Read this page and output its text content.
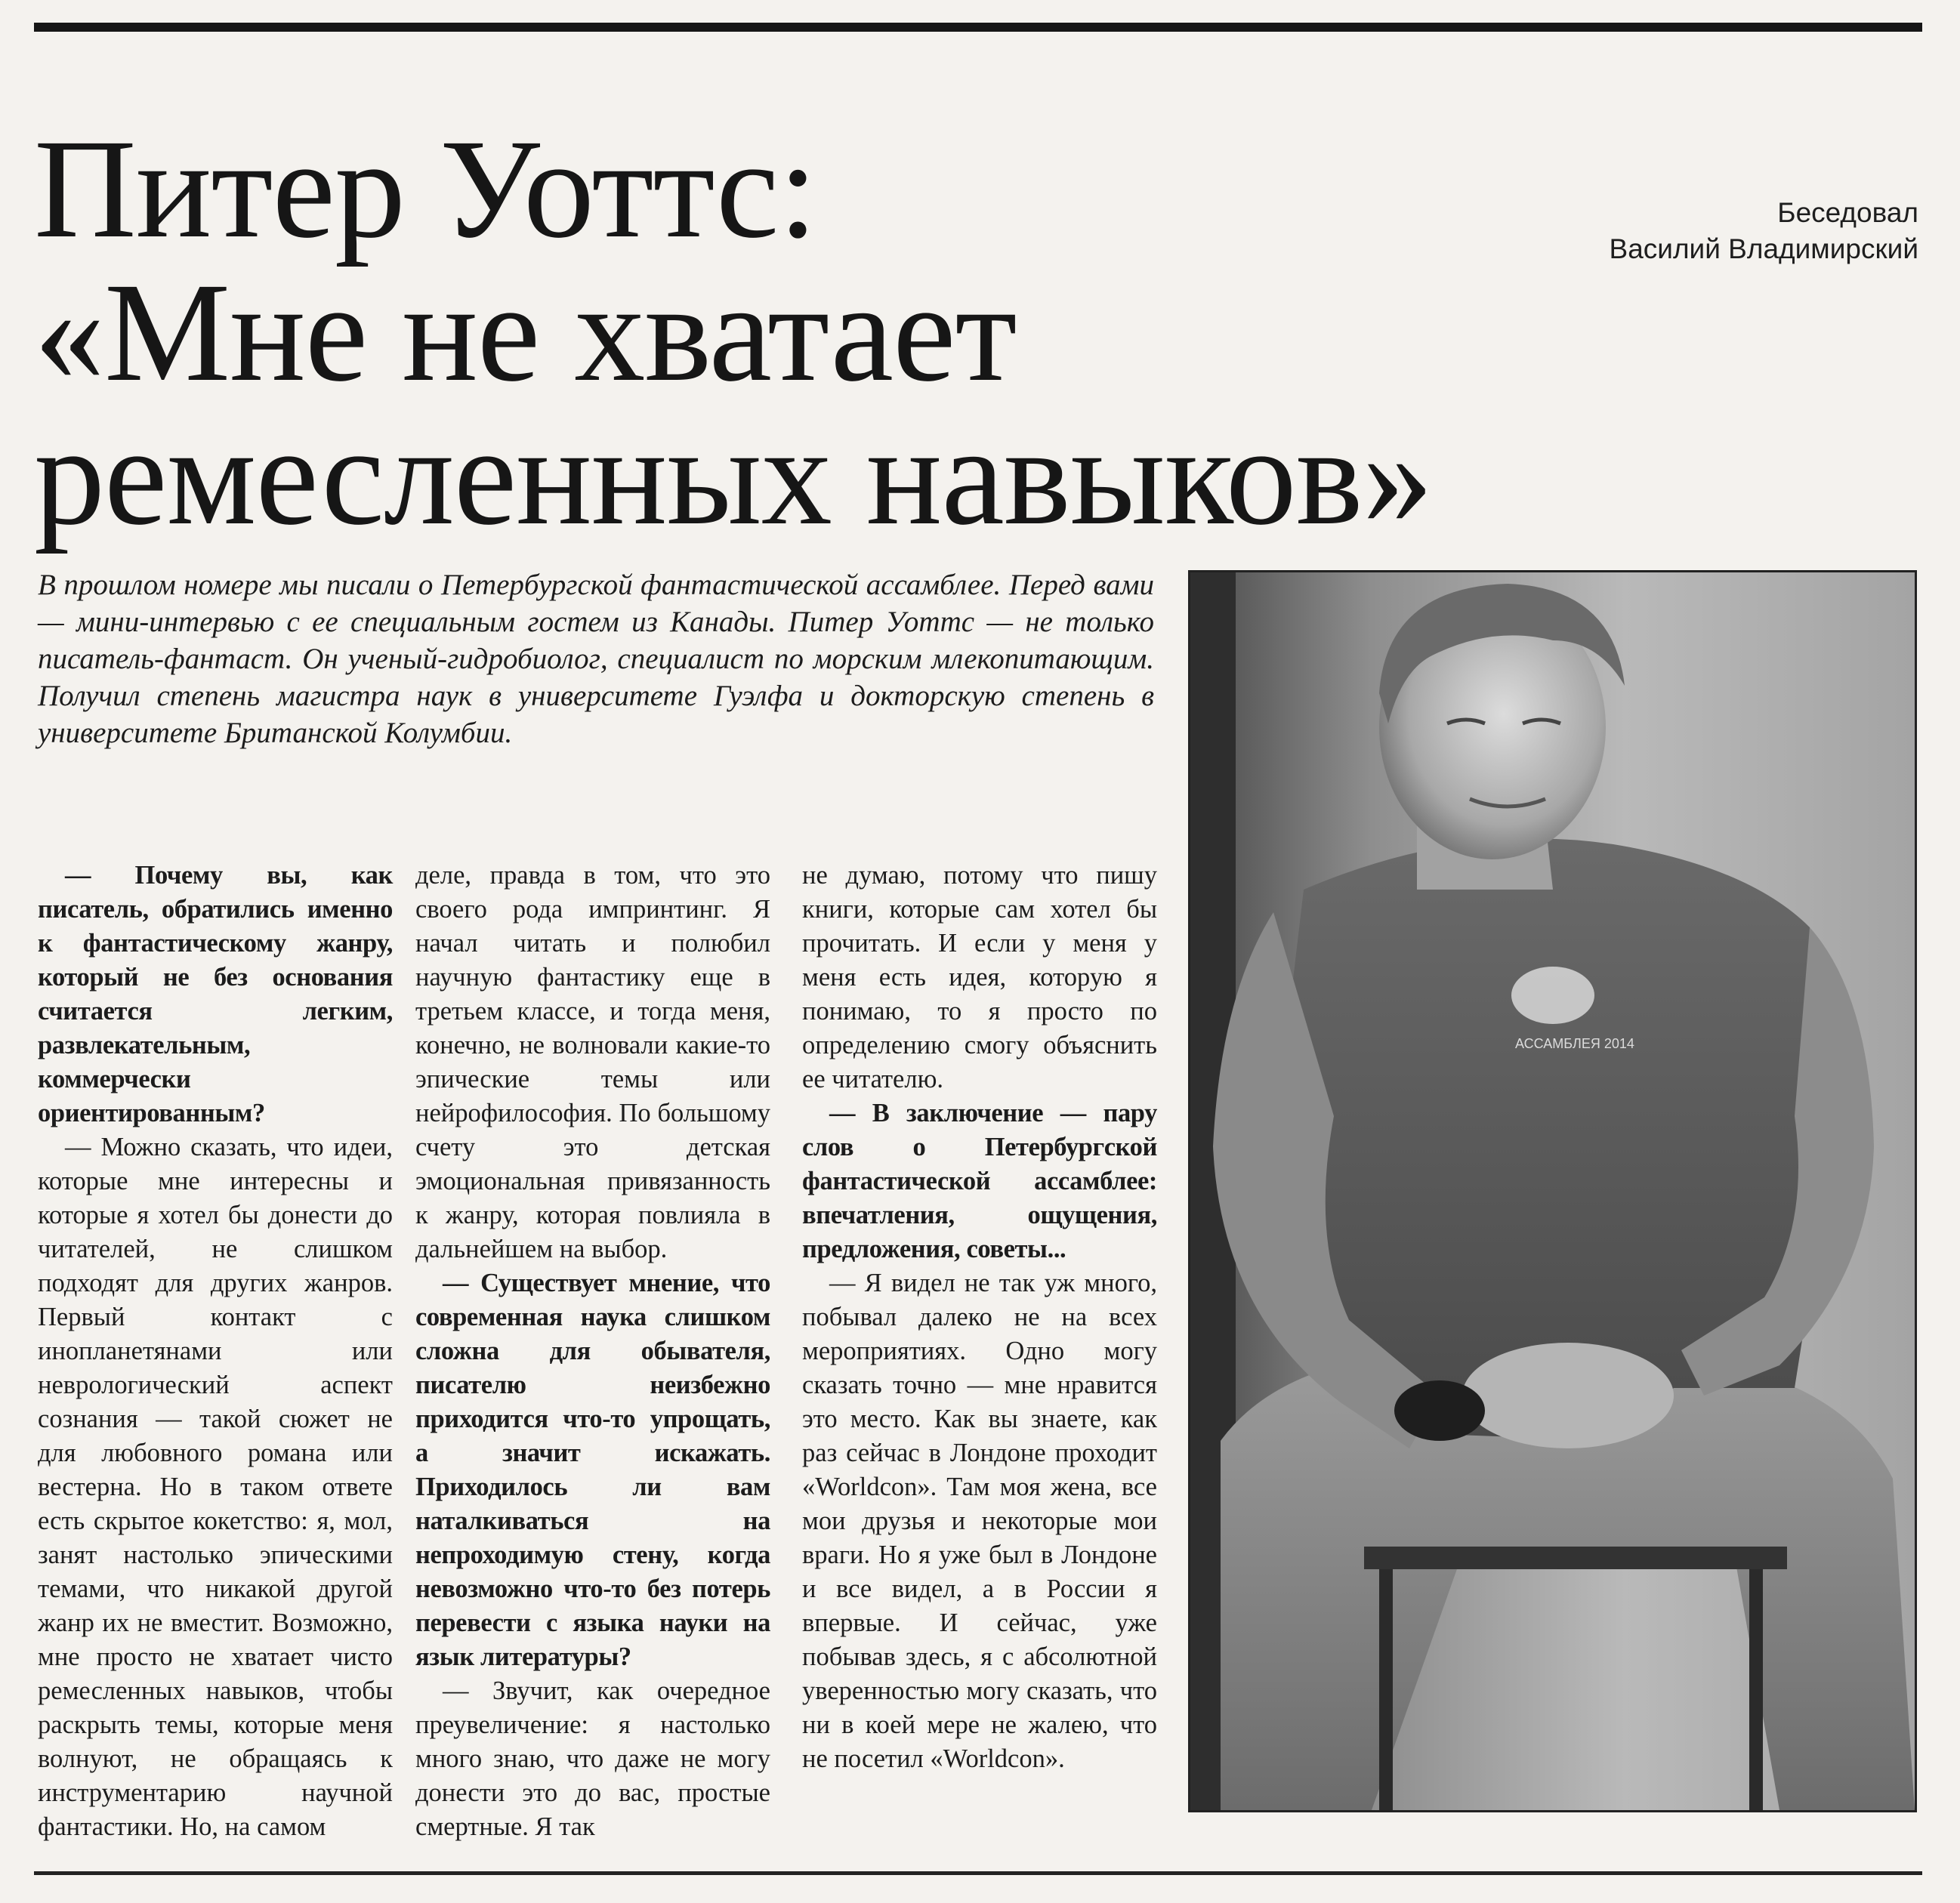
Питер Уоттс:
«Мне не хватает
ремесленных навыков»
Беседовал
Василий Владимирский

В прошлом номере мы писали о Петербургской фантастической ассамблее. Перед вами — мини-интервью с ее специальным гостем из Канады. Питер Уоттс — не только писатель-фантаст. Он ученый-гидробиолог, специалист по морским млекопитающим. Получил степень магистра наук в университете Гуэлфа и докторскую степень в университете Британской Колумбии.

— Почему вы, как писатель, обратились именно к фантастическому жанру, который не без основания считается легким, развлекательным, коммерчески ориентированным?

— Можно сказать, что идеи, которые мне интересны и которые я хотел бы донести до читателей, не слишком подходят для других жанров. Первый контакт с инопланетянами или неврологический аспект сознания — такой сюжет не для любовного романа или вестерна. Но в таком ответе есть скрытое кокетство: я, мол, занят настолько эпическими темами, что никакой другой жанр их не вместит. Возможно, мне просто не хватает чисто ремесленных навыков, чтобы раскрыть темы, которые меня волнуют, не обращаясь к инструментарию научной фантастики. Но, на самом

деле, правда в том, что это своего рода импринтинг. Я начал читать и полюбил научную фантастику еще в третьем классе, и тогда меня, конечно, не волновали какие-то эпические темы или нейрофилософия. По большому счету это детская эмоциональная привязанность к жанру, которая повлияла в дальнейшем на выбор.

— Существует мнение, что современная наука слишком сложна для обывателя, писателю неизбежно приходится что-то упрощать, а значит искажать. Приходилось ли вам наталкиваться на непроходимую стену, когда невозможно что-то без потерь перевести с языка науки на язык литературы?

— Звучит, как очередное преувеличение: я настолько много знаю, что даже не могу донести это до вас, простые смертные. Я так

не думаю, потому что пишу книги, которые сам хотел бы прочитать. И если у меня у меня есть идея, которую я понимаю, то я просто по определению смогу объяснить ее читателю.

— В заключение — пару слов о Петербургской фантастической ассамблее: впечатления, ощущения, предложения, советы...

— Я видел не так уж много, побывал далеко не на всех мероприятиях. Одно могу сказать точно — мне нравится это место. Как вы знаете, как раз сейчас в Лондоне проходит «Worldcon». Там моя жена, все мои друзья и некоторые мои враги. Но я уже был в Лондоне и все видел, а в России я впервые. И сейчас, уже побывав здесь, я с абсолютной уверенностью могу сказать, что ни в коей мере не жалею, что не посетил «Worldcon».

АССАМБЛЕЯ 2014
